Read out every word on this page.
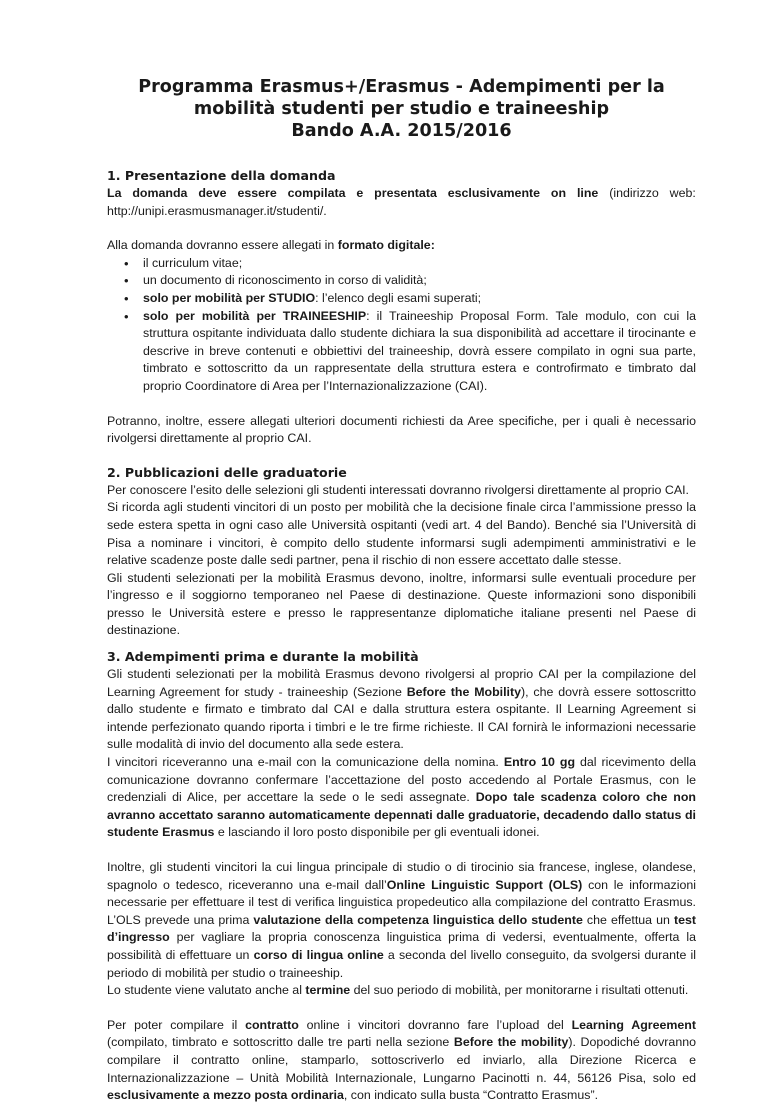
Programma Erasmus+/Erasmus - Adempimenti per la
mobilità studenti per studio e traineeship
Bando A.A. 2015/2016
1. Presentazione della domanda
La domanda deve essere compilata e presentata esclusivamente on line (indirizzo web:

http://unipi.erasmusmanager.it/studenti/.

Alla domanda dovranno essere allegati in formato digitale:

• il curriculum vitae;
• un documento di riconoscimento in corso di validità;
• solo per mobilità per STUDIO: l’elenco degli esami superati;
• solo per mobilità per TRAINEESHIP: il Traineeship Proposal Form. Tale modulo, con cui la struttura ospitante individuata dallo studente dichiara la sua disponibilità ad accettare il tirocinante e descrive in breve contenuti e obbiettivi del traineeship, dovrà essere compilato in ogni sua parte, timbrato e sottoscritto da un rappresentate della struttura estera e controfirmato e timbrato dal proprio Coordinatore di Area per l’Internazionalizzazione (CAI).

Potranno, inoltre, essere allegati ulteriori documenti richiesti da Aree specifiche, per i quali è necessario rivolgersi direttamente al proprio CAI.

2. Pubblicazioni delle graduatorie

Per conoscere l’esito delle selezioni gli studenti interessati dovranno rivolgersi direttamente al proprio CAI.

Si ricorda agli studenti vincitori di un posto per mobilità che la decisione finale circa l’ammissione presso la sede estera spetta in ogni caso alle Università ospitanti (vedi art. 4 del Bando). Benché sia l’Università di Pisa a nominare i vincitori, è compito dello studente informarsi sugli adempimenti amministrativi e le relative scadenze poste dalle sedi partner, pena il rischio di non essere accettato dalle stesse.

Gli studenti selezionati per la mobilità Erasmus devono, inoltre, informarsi sulle eventuali procedure per l’ingresso e il soggiorno temporaneo nel Paese di destinazione. Queste informazioni sono disponibili presso le Università estere e presso le rappresentanze diplomatiche italiane presenti nel Paese di destinazione.

3. Adempimenti prima e durante la mobilità

Gli studenti selezionati per la mobilità Erasmus devono rivolgersi al proprio CAI per la compilazione del Learning Agreement for study - traineeship (Sezione Before the Mobility), che dovrà essere sottoscritto dallo studente e firmato e timbrato dal CAI e dalla struttura estera ospitante. Il Learning Agreement si intende perfezionato quando riporta i timbri e le tre firme richieste. Il CAI fornirà le informazioni necessarie sulle modalità di invio del documento alla sede estera.

I vincitori riceveranno una e-mail con la comunicazione della nomina. Entro 10 gg dal ricevimento della comunicazione dovranno confermare l’accettazione del posto accedendo al Portale Erasmus, con le credenziali di Alice, per accettare la sede o le sedi assegnate. Dopo tale scadenza coloro che non avranno accettato saranno automaticamente depennati dalle graduatorie, decadendo dallo status di studente Erasmus e lasciando il loro posto disponibile per gli eventuali idonei.

Inoltre, gli studenti vincitori la cui lingua principale di studio o di tirocinio sia francese, inglese, olandese, spagnolo o tedesco, riceveranno una e-mail dall’Online Linguistic Support (OLS) con le informazioni necessarie per effettuare il test di verifica linguistica propedeutico alla compilazione del contratto Erasmus. L’OLS prevede una prima valutazione della competenza linguistica dello studente che effettua un test d’ingresso per vagliare la propria conoscenza linguistica prima di vedersi, eventualmente, offerta la possibilità di effettuare un corso di lingua online a seconda del livello conseguito, da svolgersi durante il periodo di mobilità per studio o traineeship.

Lo studente viene valutato anche al termine del suo periodo di mobilità, per monitorarne i risultati ottenuti.

Per poter compilare il contratto online i vincitori dovranno fare l’upload del Learning Agreement (compilato, timbrato e sottoscritto dalle tre parti nella sezione Before the mobility). Dopodiché dovranno compilare il contratto online, stamparlo, sottoscriverlo ed inviarlo, alla Direzione Ricerca e Internazionalizzazione – Unità Mobilità Internazionale, Lungarno Pacinotti n. 44, 56126 Pisa, solo ed esclusivamente a mezzo posta ordinaria, con indicato sulla busta “Contratto Erasmus”.
